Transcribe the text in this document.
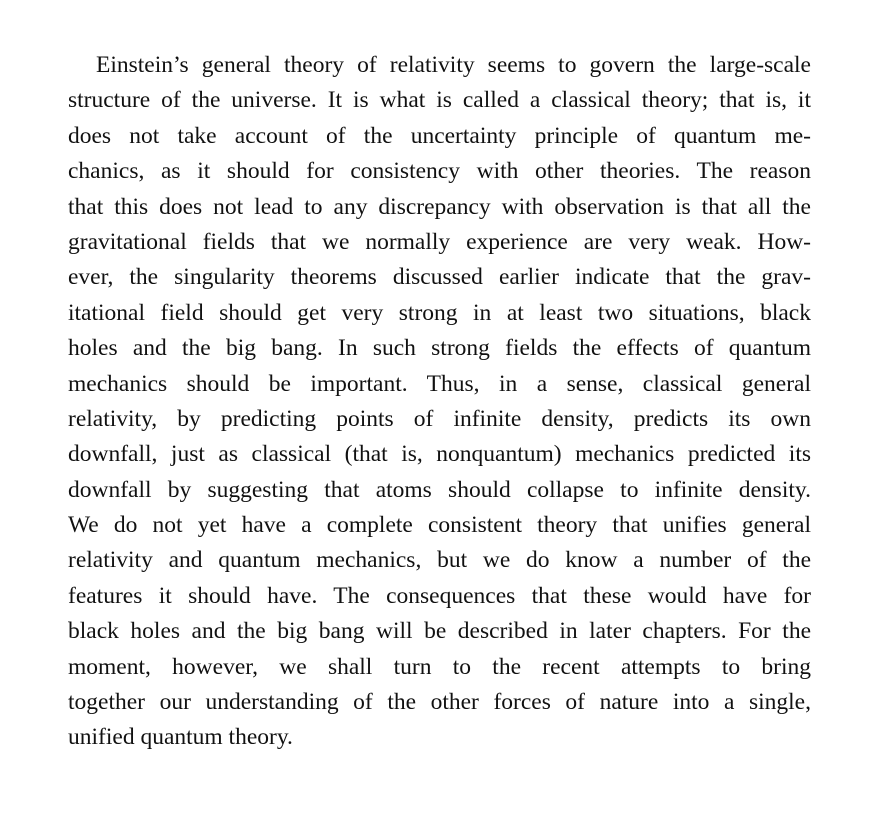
Einstein’s general theory of relativity seems to govern the large-scale
structure of the universe. It is what is called a classical theory; that is, it
does not take account of the uncertainty principle of quantum me-
chanics, as it should for consistency with other theories. The reason
that this does not lead to any discrepancy with observation is that all the
gravitational fields that we normally experience are very weak. How-
ever, the singularity theorems discussed earlier indicate that the grav-
itational field should get very strong in at least two situations, black
holes and the big bang. In such strong fields the effects of quantum
mechanics should be important. Thus, in a sense, classical general
relativity, by predicting points of infinite density, predicts its own
downfall, just as classical (that is, nonquantum) mechanics predicted its
downfall by suggesting that atoms should collapse to infinite density.
We do not yet have a complete consistent theory that unifies general
relativity and quantum mechanics, but we do know a number of the
features it should have. The consequences that these would have for
black holes and the big bang will be described in later chapters. For the
moment, however, we shall turn to the recent attempts to bring
together our understanding of the other forces of nature into a single,
unified quantum theory.
